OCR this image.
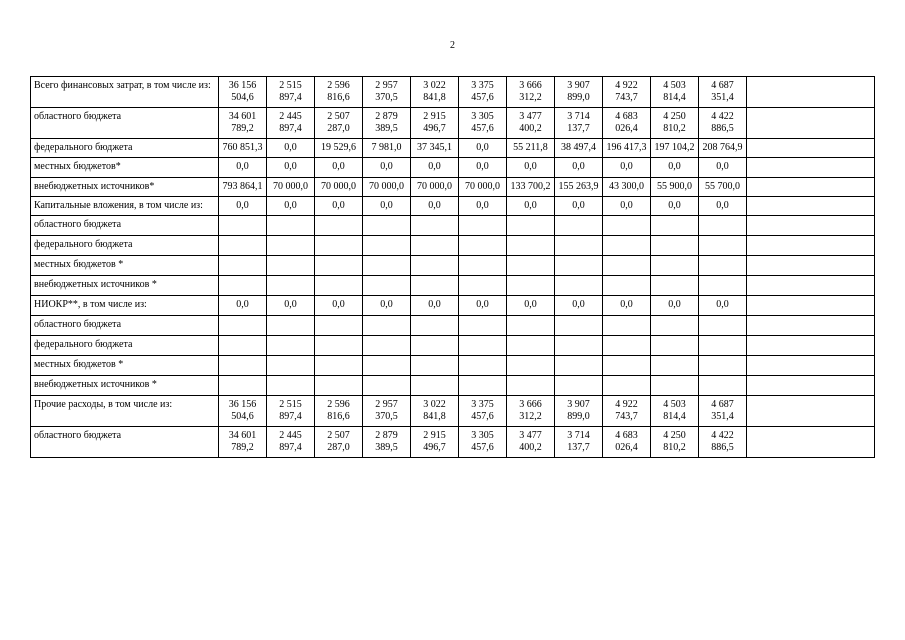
2
Всего финансовых затрат, в том числе из:	36 156 504,6	2 515 897,4	2 596 816,6	2 957 370,5	3 022 841,8	3 375 457,6	3 666 312,2	3 907 899,0	4 922 743,7	4 503 814,4	4 687 351,4	
областного бюджета	34 601 789,2	2 445 897,4	2 507 287,0	2 879 389,5	2 915 496,7	3 305 457,6	3 477 400,2	3 714 137,7	4 683 026,4	4 250 810,2	4 422 886,5	
федерального бюджета	760 851,3	0,0	19 529,6	7 981,0	37 345,1	0,0	55 211,8	38 497,4	196 417,3	197 104,2	208 764,9	
местных бюджетов*	0,0	0,0	0,0	0,0	0,0	0,0	0,0	0,0	0,0	0,0	0,0	
внебюджетных источников*	793 864,1	70 000,0	70 000,0	70 000,0	70 000,0	70 000,0	133 700,2	155 263,9	43 300,0	55 900,0	55 700,0	
Капитальные вложения, в том числе из:	0,0	0,0	0,0	0,0	0,0	0,0	0,0	0,0	0,0	0,0	0,0	
областного бюджета												
федерального бюджета												
местных бюджетов *												
внебюджетных источников *												
НИОКР**, в том числе из:	0,0	0,0	0,0	0,0	0,0	0,0	0,0	0,0	0,0	0,0	0,0	
областного бюджета												
федерального бюджета												
местных бюджетов *												
внебюджетных источников *												
Прочие расходы, в том числе из:	36 156 504,6	2 515 897,4	2 596 816,6	2 957 370,5	3 022 841,8	3 375 457,6	3 666 312,2	3 907 899,0	4 922 743,7	4 503 814,4	4 687 351,4	
областного бюджета	34 601 789,2	2 445 897,4	2 507 287,0	2 879 389,5	2 915 496,7	3 305 457,6	3 477 400,2	3 714 137,7	4 683 026,4	4 250 810,2	4 422 886,5	
